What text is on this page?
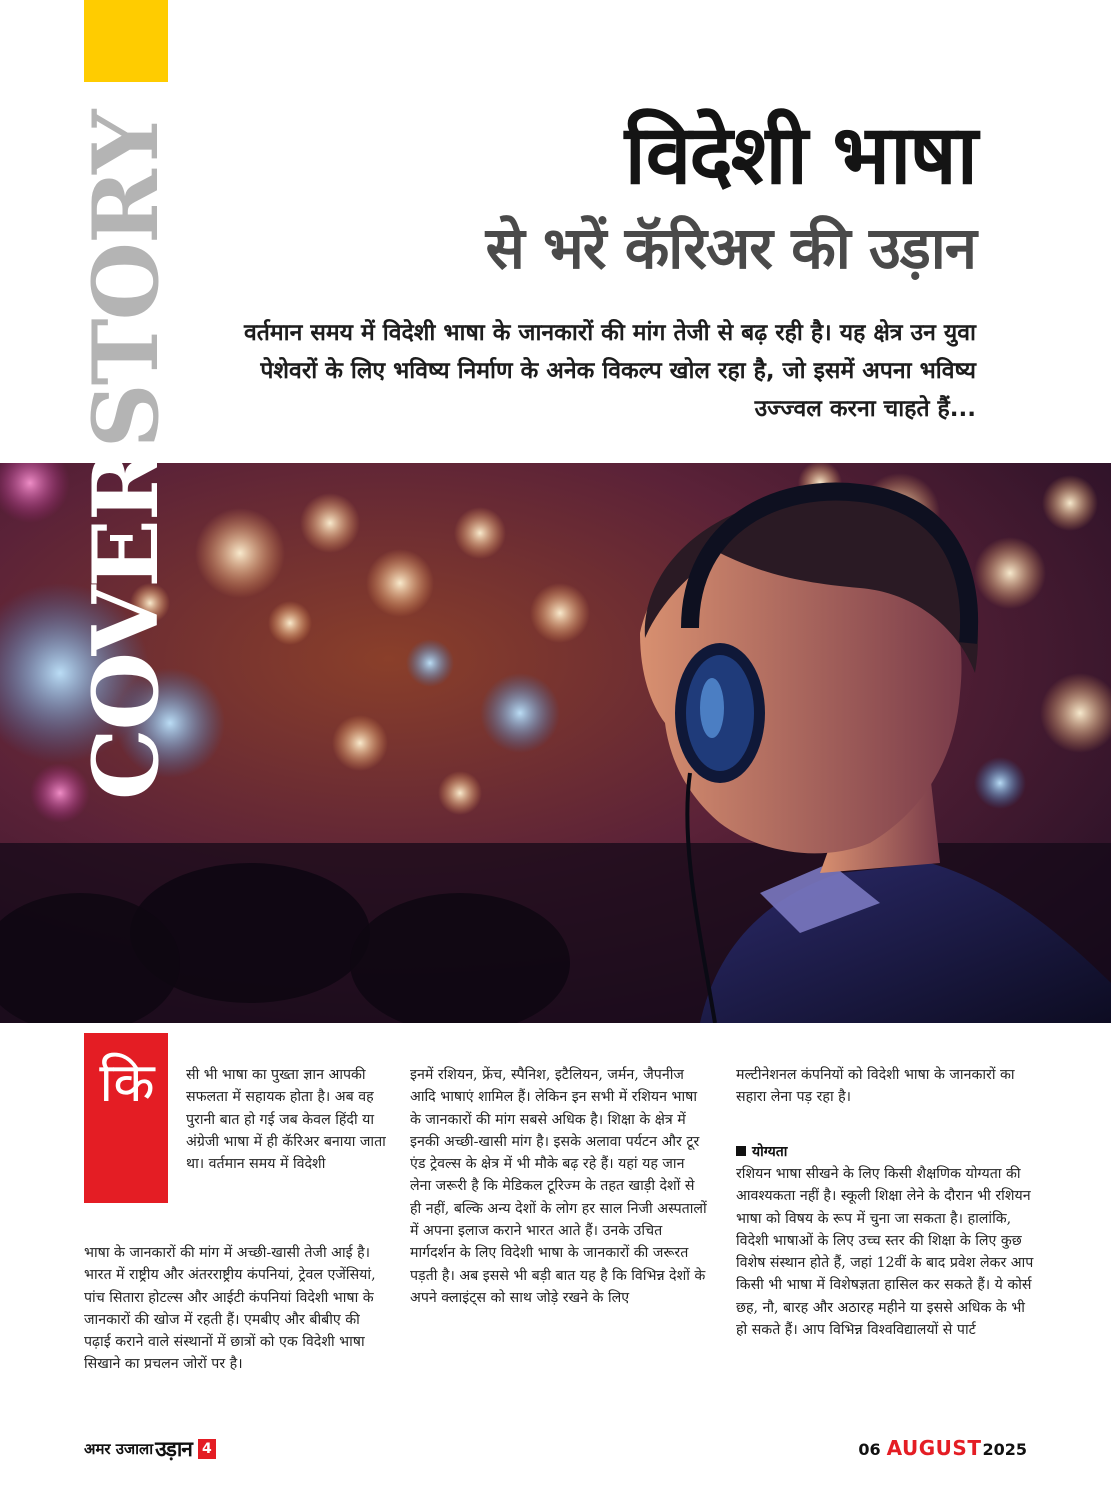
COVERSTORY	विदेशी भाषा
से भरें कॅरिअर की उड़ान
वर्तमान समय में विदेशी भाषा के जानकारों की मांग तेजी से बढ़ रही है। यह क्षेत्र उन युवा पेशेवरों के लिए भविष्य निर्माण के अनेक विकल्प खोल रहा है, जो इसमें अपना भविष्य उज्ज्वल करना चाहते हैं...
कि	सी भी भाषा का पुख्ता ज्ञान आपकी सफलता में सहायक होता है। अब वह पुरानी बात हो गई जब केवल हिंदी या अंग्रेजी भाषा में ही कॅरिअर बनाया जाता था। वर्तमान समय में विदेशी

भाषा के जानकारों की मांग में अच्छी-खासी तेजी आई है। भारत में राष्ट्रीय और अंतरराष्ट्रीय कंपनियां, ट्रेवल एजेंसियां, पांच सितारा होटल्स और आईटी कंपनियां विदेशी भाषा के जानकारों की खोज में रहती हैं। एमबीए और बीबीए की पढ़ाई कराने वाले संस्थानों में छात्रों को एक विदेशी भाषा सिखाने का प्रचलन जोरों पर है।

इनमें रशियन, फ्रेंच, स्पैनिश, इटैलियन, जर्मन, जैपनीज आदि भाषाएं शामिल हैं। लेकिन इन सभी में रशियन भाषा के जानकारों की मांग सबसे अधिक है। शिक्षा के क्षेत्र में इनकी अच्छी-खासी मांग है। इसके अलावा पर्यटन और टूर एंड ट्रेवल्स के क्षेत्र में भी मौके बढ़ रहे हैं। यहां यह जान लेना जरूरी है कि मेडिकल टूरिज्म के तहत खाड़ी देशों से ही नहीं, बल्कि अन्य देशों के लोग हर साल निजी अस्पतालों में अपना इलाज कराने भारत आते हैं। उनके उचित मार्गदर्शन के लिए विदेशी भाषा के जानकारों की जरूरत पड़ती है। अब इससे भी बड़ी बात यह है कि विभिन्न देशों के अपने क्लाइंट्स को साथ जोड़े रखने के लिए

मल्टीनेशनल कंपनियों को विदेशी भाषा के जानकारों का सहारा लेना पड़ रहा है।

योग्यता

रशियन भाषा सीखने के लिए किसी शैक्षणिक योग्यता की आवश्यकता नहीं है। स्कूली शिक्षा लेने के दौरान भी रशियन भाषा को विषय के रूप में चुना जा सकता है। हालांकि, विदेशी भाषाओं के लिए उच्च स्तर की शिक्षा के लिए कुछ विशेष संस्थान होते हैं, जहां 12वीं के बाद प्रवेश लेकर आप किसी भी भाषा में विशेषज्ञता हासिल कर सकते हैं। ये कोर्स छह, नौ, बारह और अठारह महीने या इससे अधिक के भी हो सकते हैं। आप विभिन्न विश्वविद्यालयों से पार्ट

अमर उजाला उड़ान 4	06 AUGUST 2025
